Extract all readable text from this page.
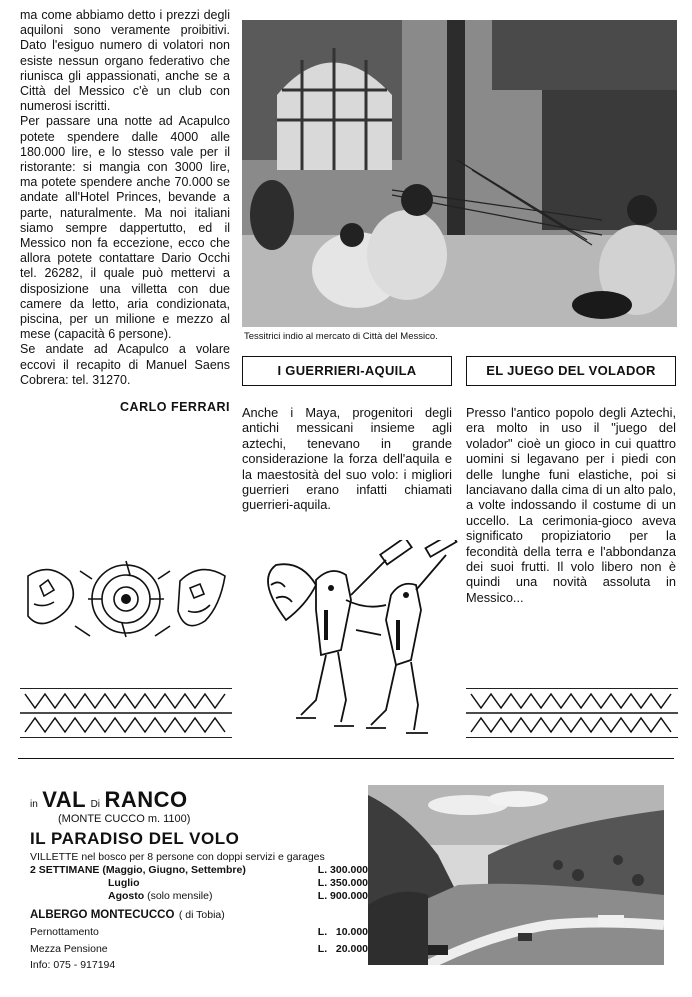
ma come abbiamo detto i prezzi degli aquiloni sono veramente proibitivi. Dato l'esiguo numero di volatori non esiste nessun organo federativo che riunisca gli appassionati, anche se a Città del Messico c'è un club con numerosi iscritti.

Per passare una notte ad Acapulco potete spendere dalle 4000 alle 180.000 lire, e lo stesso vale per il ristorante: si mangia con 3000 lire, ma potete spendere anche 70.000 se andate all'Hotel Princes, bevande a parte, naturalmente. Ma noi italiani siamo sempre dappertutto, ed il Messico non fa eccezione, ecco che allora potete contattare Dario Occhi tel. 26282, il quale può mettervi a disposizione una villetta con due camere da letto, aria condizionata, piscina, per un milione e mezzo al mese (capacità 6 persone).

Se andate ad Acapulco a volare eccovi il recapito di Manuel Saens Cobrera: tel. 31270.

CARLO FERRARI

Tessitrici indio al mercato di Città del Messico.
I GUERRIERI-AQUILA	EL JUEGO DEL VOLADOR

Anche i Maya, progenitori degli antichi messicani insieme agli aztechi, tenevano in grande considerazione la forza dell'aquila e la maestosità del suo volo: i migliori guerrieri erano infatti chiamati guerrieri-aquila.

Presso l'antico popolo degli Aztechi, era molto in uso il "juego del volador" cioè un gioco in cui quattro uomini si legavano per i piedi con delle lunghe funi elastiche, poi si lanciavano dalla cima di un alto palo, a volte indossando il costume di un uccello. La cerimonia-gioco aveva significato propiziatorio per la fecondità della terra e l'abbondanza dei suoi frutti. Il volo libero non è quindi una novità assoluta in Messico...

in VAL Di RANCO
(MONTE CUCCO m. 1100)
IL PARADISO DEL VOLO
VILLETTE nel bosco per 8 persone con doppi servizi e garages
2 SETTIMANE (Maggio, Giugno, Settembre)	L. 300.000
Luglio	L. 350.000
Agosto (solo mensile)	L. 900.000
ALBERGO MONTECUCCO ( di Tobia)
Pernottamento	L.   10.000
Mezza Pensione	L.   20.000
Info: 075 - 917194
